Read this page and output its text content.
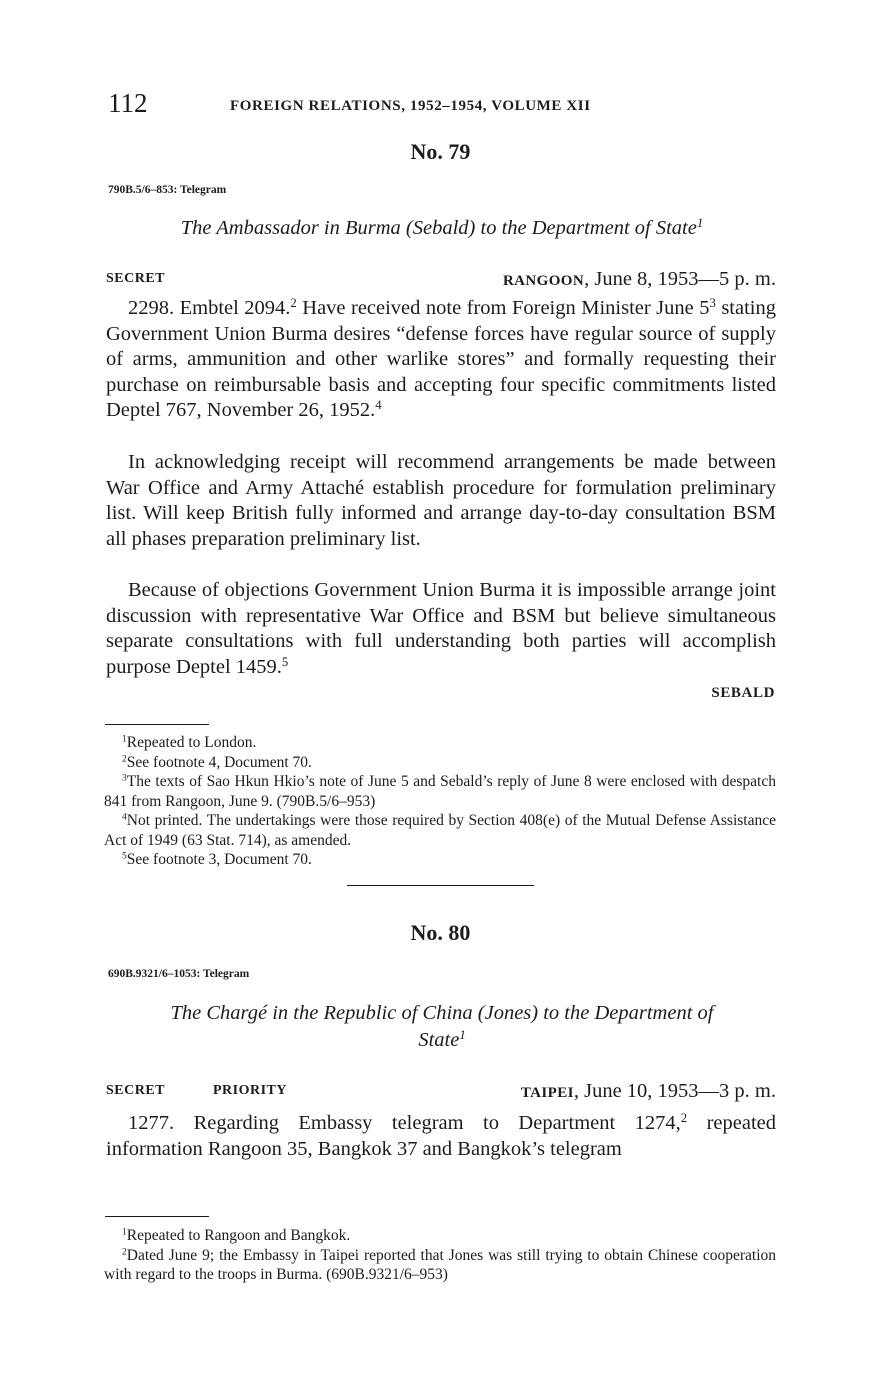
112	FOREIGN RELATIONS, 1952–1954, VOLUME XII
No. 79
790B.5/6–853: Telegram
The Ambassador in Burma (Sebald) to the Department of State$^1$
SECRET	RANGOON, June 8, 1953—5 p. m.
2298. Embtel 2094.$^2$ Have received note from Foreign Minister June $5^3$ stating Government Union Burma desires “defense forces have regular source of supply of arms, ammunition and other warlike stores” and formally requesting their purchase on reimbursable basis and accepting four specific commitments listed Deptel 767, November 26, 1952.$^4$
In acknowledging receipt will recommend arrangements be made between War Office and Army Attaché establish procedure for formulation preliminary list. Will keep British fully informed and arrange day-to-day consultation BSM all phases preparation preliminary list.
Because of objections Government Union Burma it is impossible arrange joint discussion with representative War Office and BSM but believe simultaneous separate consultations with full understanding both parties will accomplish purpose Deptel 1459.$^5$
SEBALD
$^1$Repeated to London.
$^2$See footnote 4, Document 70.
$^3$The texts of Sao Hkun Hkio’s note of June 5 and Sebald’s reply of June 8 were enclosed with despatch 841 from Rangoon, June 9. (790B.5/6–953)
$^4$Not printed. The undertakings were those required by Section 408(e) of the Mutual Defense Assistance Act of 1949 (63 Stat. 714), as amended.
$^5$See footnote 3, Document 70.
No. 80
690B.9321/6–1053: Telegram
The Chargé in the Republic of China (Jones) to the Department of
State$^1$
SECRET	PRIORITY	TAIPEI, June 10, 1953—3 p. m.
1277. Regarding Embassy telegram to Department 1274,$^2$ repeated information Rangoon 35, Bangkok 37 and Bangkok’s telegram
$^1$Repeated to Rangoon and Bangkok.
$^2$Dated June 9; the Embassy in Taipei reported that Jones was still trying to obtain Chinese cooperation with regard to the troops in Burma. (690B.9321/6–953)
